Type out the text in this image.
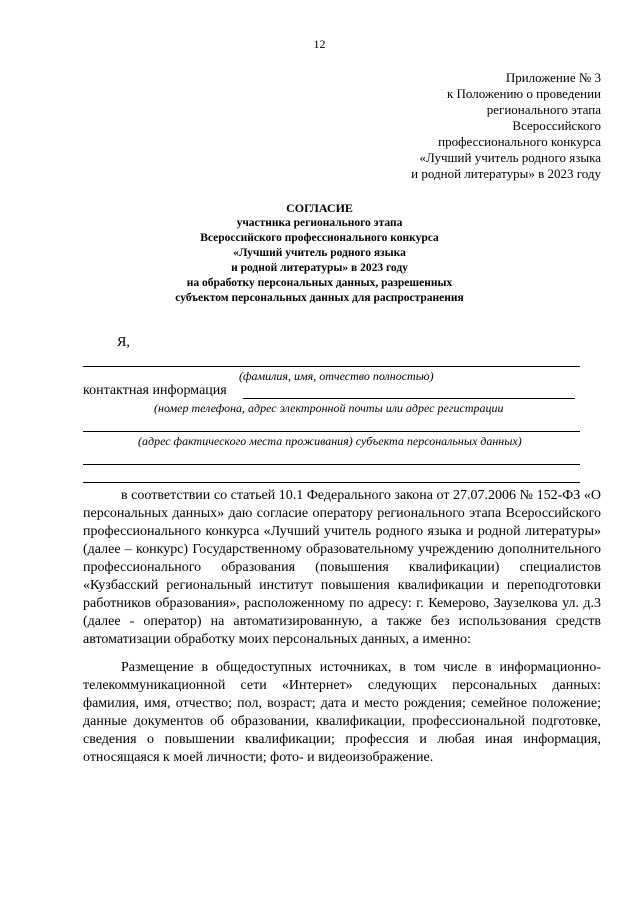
12
Приложение № 3
к Положению о проведении
регионального этапа
Всероссийского
профессионального конкурса
«Лучший учитель родного языка
и родной литературы» в 2023 году
СОГЛАСИЕ
участника регионального этапа
Всероссийского профессионального конкурса
«Лучший учитель родного языка
и родной литературы» в 2023 году
на обработку персональных данных, разрешенных
субъектом персональных данных для распространения
Я,
(фамилия, имя, отчество полностью)
контактная информация
(номер телефона, адрес электронной почты или адрес регистрации
(адрес фактического места проживания) субъекта персональных данных)

в соответствии со статьей 10.1 Федерального закона от 27.07.2006 № 152-ФЗ «О персональных данных» даю согласие оператору регионального этапа Всероссийского профессионального конкурса «Лучший учитель родного языка и родной литературы» (далее – конкурс) Государственному образовательному учреждению дополнительного профессионального образования (повышения квалификации) специалистов «Кузбасский региональный институт повышения квалификации и переподготовки работников образования», расположенному по адресу: г. Кемерово, Заузелкова ул. д.3 (далее - оператор) на автоматизированную, а также без использования средств автоматизации обработку моих персональных данных, а именно:

Размещение в общедоступных источниках, в том числе в информационно-телекоммуникационной сети «Интернет» следующих персональных данных: фамилия, имя, отчество; пол, возраст; дата и место рождения; семейное положение; данные документов об образовании, квалификации, профессиональной подготовке, сведения о повышении квалификации; профессия и любая иная информация, относящаяся к моей личности; фото- и видеоизображение.
